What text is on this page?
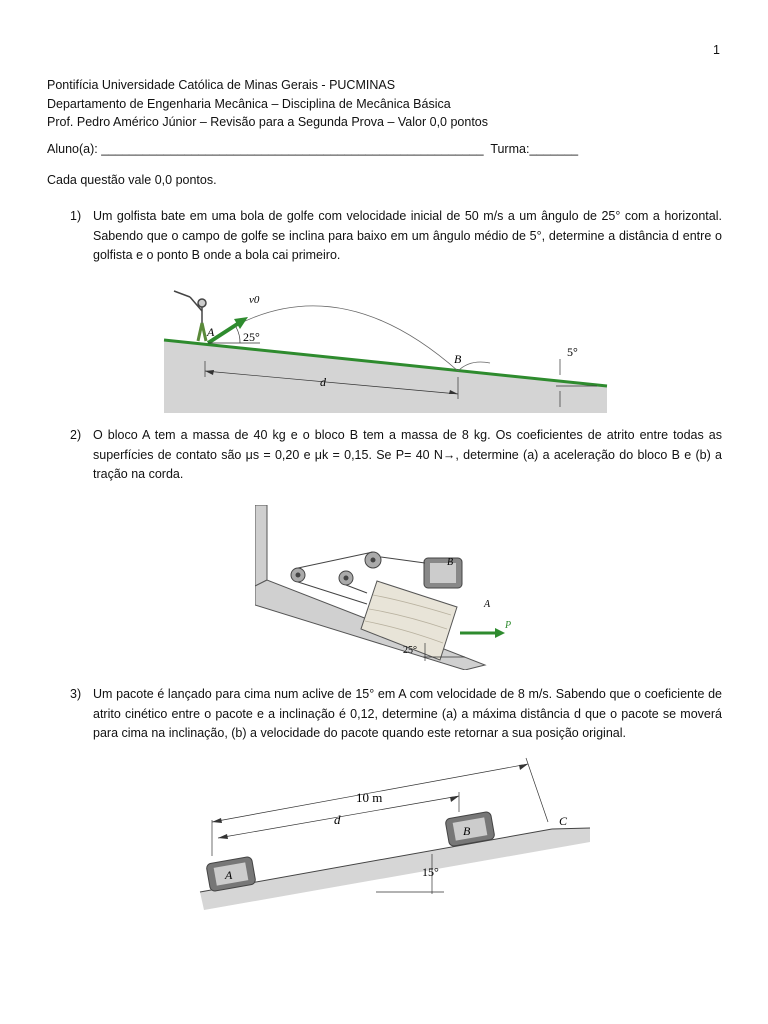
1
Pontifícia Universidade Católica de Minas Gerais - PUCMINAS
Departamento de Engenharia Mecânica – Disciplina de Mecânica Básica
Prof. Pedro Américo Júnior – Revisão para a Segunda Prova – Valor 0,0 pontos
Aluno(a): _______________________________________________________ Turma:_______
Cada questão vale 0,0 pontos.
1) Um golfista bate em uma bola de golfe com velocidade inicial de 50 m/s a um ângulo de 25° com a horizontal. Sabendo que o campo de golfe se inclina para baixo em um ângulo médio de 5°, determine a distância d entre o golfista e o ponto B onde a bola cai primeiro.
v0
A 25°
B	5°
d
2) O bloco A tem a massa de 40 kg e o bloco B tem a massa de 8 kg. Os coeficientes de atrito entre todas as superfícies de contato são μs = 0,20 e μk = 0,15. Se P= 40 N→, determine (a) a aceleração do bloco B e (b) a tração na corda.
P
B
A
25°
3) Um pacote é lançado para cima num aclive de 15° em A com velocidade de 8 m/s. Sabendo que o coeficiente de atrito cinético entre o pacote e a inclinação é 0,12, determine (a) a máxima distância d que o pacote se moverá para cima na inclinação, (b) a velocidade do pacote quando este retornar a sua posição original.
A
B
C
10 m
d
15°
